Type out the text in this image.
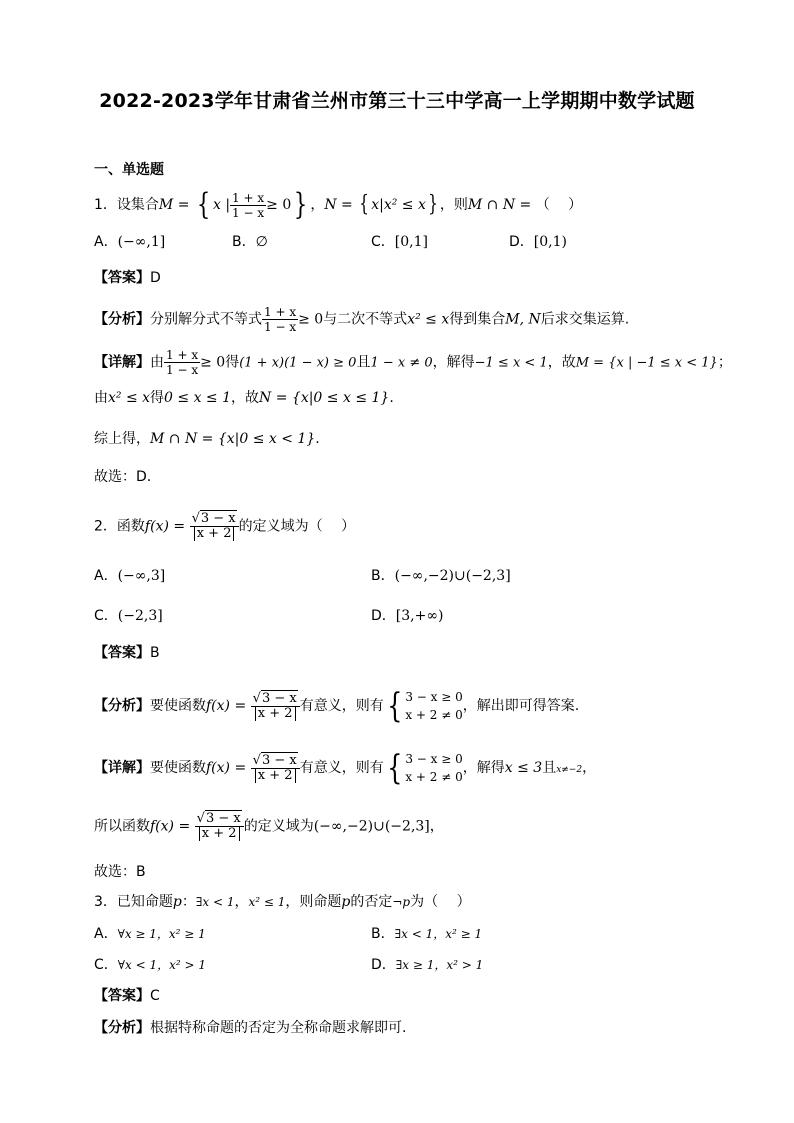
2022-2023学年甘肃省兰州市第三十三中学高一上学期期中数学试题
一、单选题
1．设集合M = { x | $\frac{1 + x}{1 - x} \ge 0$} ，N = { x|x² ≤ x} ，则M ∩ N = （　 ）
A．(−∞,1]	B．∅	C．[0,1]	D．[0,1)
【答案】D
【分析】分别解分式不等式 $\frac{1 + x}{1 - x} \ge 0$与二次不等式x² ≤ x得到集合M, N后求交集运算.
【详解】由 $\frac{1 + x}{1 - x} \ge 0$得(1 + x)(1 − x) ≥ 0且1 − x ≠ 0，解得−1 ≤ x < 1，故M = {x | −1 ≤ x < 1}；
由x² ≤ x得0 ≤ x ≤ 1，故N = {x|0 ≤ x ≤ 1}.
综上得，M ∩ N = {x|0 ≤ x < 1}.
故选：D.
2．函数$f(x) = \frac{√3 - x}{x + 2}$ 的定义域为（　 ）
A．(−∞,3]	B．(−∞,−2)∪(−2,3]
C．(−2,3]	D．[3,+∞)
【答案】B
【分析】要使函数$f(x) = \frac{√3 - x}{x + 2}$ 有意义，则有{ 3 − x ≥ 0
x + 2 ≠ 0
，解出即可得答案.
【详解】要使函数$f(x) = \frac{√3 - x}{x + 2}$ 有意义，则有{ 3 − x ≥ 0
x + 2 ≠ 0
，解得x ≤ 3且x≠−2，
所以函数$f(x) = \frac{√3 - x}{x + 2}$ 的定义域为(−∞,−2)∪(−2,3]，
故选：B
3．已知命题p：∃x < 1，x² ≤ 1，则命题p的否定¬p为（　 ）
A．∀x ≥ 1，x² ≥ 1	B．∃x < 1，x² ≥ 1
C．∀x < 1，x² > 1	D．∃x ≥ 1，x² > 1
【答案】C
【分析】根据特称命题的否定为全称命题求解即可.
